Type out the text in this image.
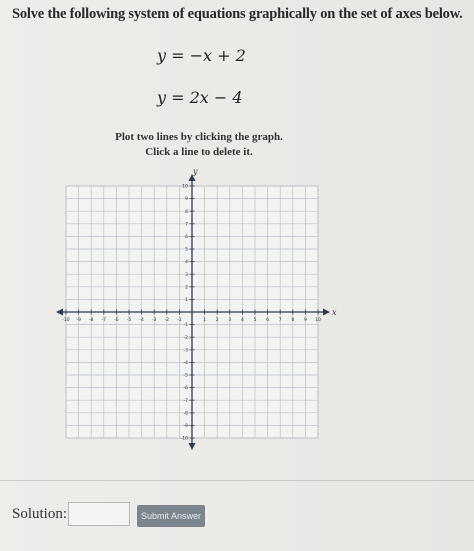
Solve the following system of equations graphically on the set of axes below.
y = −x + 2
y = 2x − 4
Plot two lines by clicking the graph.
Click a line to delete it.
x
y
-10 -9 -8 -7 -6 -5 -4 -3 -2 -1	1 2 3 4 5 6 7 8 9 10
-10
-9
-8
-7
-6
-5
-4
-3
-2
-1
1
2
3
4
5
6
7
8
9
10
Solution:	Submit Answer
